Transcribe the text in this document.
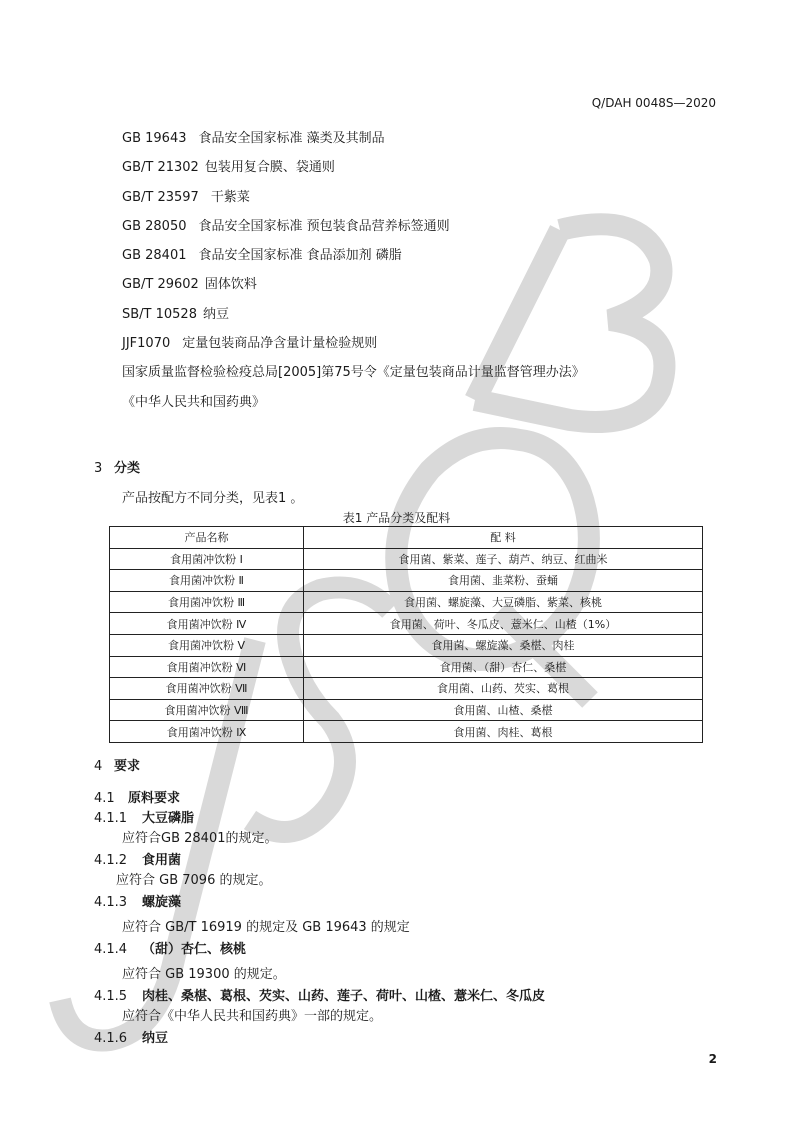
Q/DAH 0048S—2020
GB 19643 食品安全国家标准 藻类及其制品
GB/T 21302 包装用复合膜、袋通则
GB/T 23597 干紫菜
GB 28050 食品安全国家标准 预包装食品营养标签通则
GB 28401 食品安全国家标准 食品添加剂 磷脂
GB/T 29602 固体饮料
SB/T 10528 纳豆
JJF1070 定量包装商品净含量计量检验规则
国家质量监督检验检疫总局[2005]第75号令《定量包装商品计量监督管理办法》
《中华人民共和国药典》
3 分类
产品按配方不同分类，见表1 。
表1 产品分类及配料
产品名称	配 料
食用菌冲饮粉 Ⅰ	食用菌、紫菜、莲子、葫芦、纳豆、红曲米
食用菌冲饮粉 Ⅱ	食用菌、韭菜粉、蚕蛹
食用菌冲饮粉 Ⅲ	食用菌、螺旋藻、大豆磷脂、紫菜、核桃
食用菌冲饮粉 Ⅳ	食用菌、荷叶、冬瓜皮、薏米仁、山楂（1%）
食用菌冲饮粉 Ⅴ	食用菌、螺旋藻、桑椹、肉桂
食用菌冲饮粉 Ⅵ	食用菌、（甜）杏仁、桑椹
食用菌冲饮粉 Ⅶ	食用菌、山药、芡实、葛根
食用菌冲饮粉 Ⅷ	食用菌、山楂、桑椹
食用菌冲饮粉 Ⅸ	食用菌、肉桂、葛根
4 要求
4.1 原料要求
4.1.1 大豆磷脂
应符合GB 28401的规定。
4.1.2 食用菌
应符合 GB 7096 的规定。
4.1.3 螺旋藻
应符合 GB/T 16919 的规定及 GB 19643 的规定
4.1.4 （甜）杏仁、核桃
应符合 GB 19300 的规定。
4.1.5 肉桂、桑椹、葛根、芡实、山药、莲子、荷叶、山楂、薏米仁、冬瓜皮
应符合《中华人民共和国药典》一部的规定。
4.1.6 纳豆
2
